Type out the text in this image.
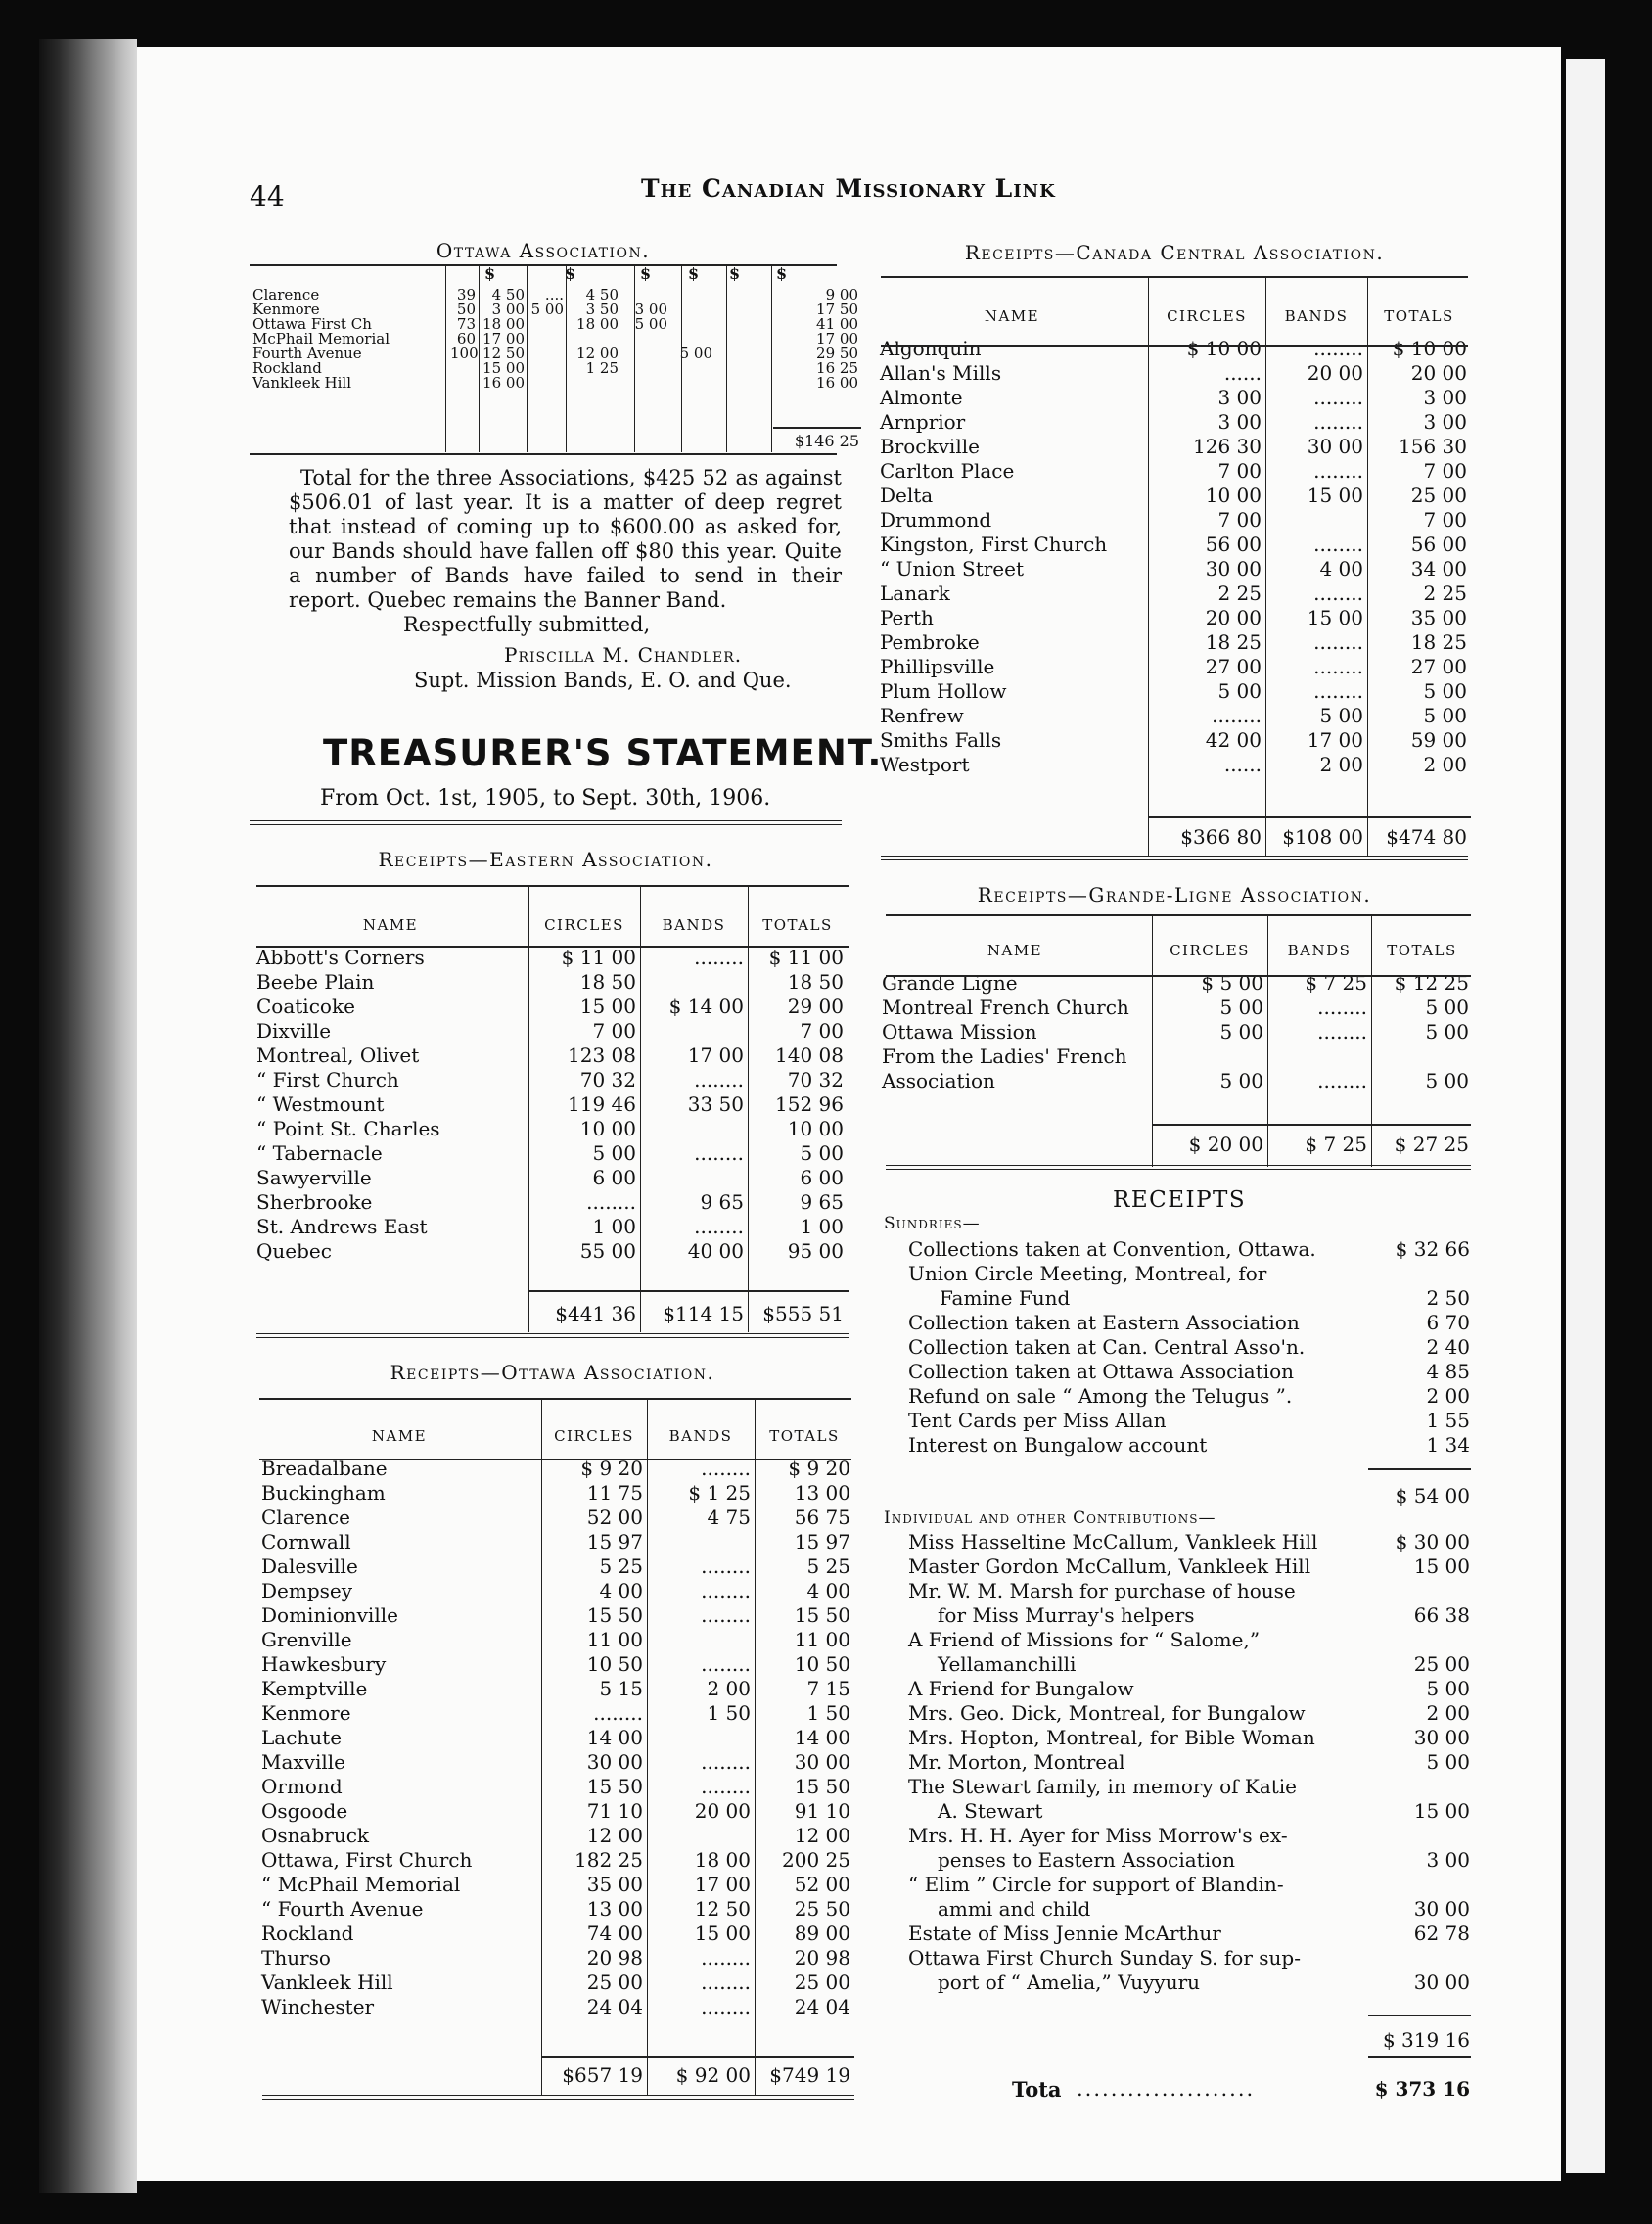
44	The Canadian Missionary Link
Ottawa Association.
$	$	$ $ $ $
Clarence	39	4 50	....	4 50				9 00
Kenmore	50	3 00	5 00	3 50	3 00			17 50
Ottawa First Ch	73	18 00		18 00	5 00			41 00
McPhail Memorial	60	17 00						17 00
Fourth Avenue	100	12 50		12 00		5 00		29 50
Rockland		15 00		1 25				16 25
Vankleek Hill		16 00						16 00
$146 25
Total for the three Associations, $425 52 as against $506.01 of last year. It is a matter of deep regret that instead of coming up to $600.00 as asked for, our Bands should have fallen off $80 this year. Quite a number of Bands have failed to send in their report. Quebec remains the Banner Band.
Respectfully submitted,
Priscilla M. Chandler.
Supt. Mission Bands, E. O. and Que.
TREASURER'S STATEMENT.
From Oct. 1st, 1905, to Sept. 30th, 1906.
Receipts—Eastern Association.
NAME	CIRCLES	BANDS	TOTALS
Abbott's Corners	$ 11 00	........	$ 11 00
Beebe Plain	18 50		18 50
Coaticoke	15 00	$ 14 00	29 00
Dixville	7 00		7 00
Montreal, Olivet	123 08	17 00	140 08
“ First Church	70 32	........	70 32
“ Westmount	119 46	33 50	152 96
“ Point St. Charles	10 00		10 00
“ Tabernacle	5 00	........	5 00
Sawyerville	6 00		6 00
Sherbrooke	........	9 65	9 65
St. Andrews East	1 00	........	1 00
Quebec	55 00	40 00	95 00
	$441 36	$114 15	$555 51
Receipts—Ottawa Association.
NAME	CIRCLES	BANDS	TOTALS
Breadalbane	$ 9 20	........	$ 9 20
Buckingham	11 75	$ 1 25	13 00
Clarence	52 00	4 75	56 75
Cornwall	15 97		15 97
Dalesville	5 25	........	5 25
Dempsey	4 00	........	4 00
Dominionville	15 50	........	15 50
Grenville	11 00		11 00
Hawkesbury	10 50	........	10 50
Kemptville	5 15	2 00	7 15
Kenmore	........	1 50	1 50
Lachute	14 00		14 00
Maxville	30 00	........	30 00
Ormond	15 50	........	15 50
Osgoode	71 10	20 00	91 10
Osnabruck	12 00		12 00
Ottawa, First Church	182 25	18 00	200 25
“ McPhail Memorial	35 00	17 00	52 00
“ Fourth Avenue	13 00	12 50	25 50
Rockland	74 00	15 00	89 00
Thurso	20 98	........	20 98
Vankleek Hill	25 00	........	25 00
Winchester	24 04	........	24 04
	$657 19	$ 92 00	$749 19
Receipts—Canada Central Association.
NAME	CIRCLES	BANDS	TOTALS
Algonquin	$ 10 00	........	$ 10 00
Allan's Mills	......	20 00	20 00
Almonte	3 00	........	3 00
Arnprior	3 00	........	3 00
Brockville	126 30	30 00	156 30
Carlton Place	7 00	........	7 00
Delta	10 00	15 00	25 00
Drummond	7 00		7 00
Kingston, First Church	56 00	........	56 00
“ Union Street	30 00	4 00	34 00
Lanark	2 25	........	2 25
Perth	20 00	15 00	35 00
Pembroke	18 25	........	18 25
Phillipsville	27 00	........	27 00
Plum Hollow	5 00	........	5 00
Renfrew	........	5 00	5 00
Smiths Falls	42 00	17 00	59 00
Westport	......	2 00	2 00
	$366 80	$108 00	$474 80
Receipts—Grande-Ligne Association.
NAME	CIRCLES	BANDS	TOTALS
Grande Ligne	$ 5 00	$ 7 25	$ 12 25
Montreal French Church	5 00	........	5 00
Ottawa Mission	5 00	........	5 00
From the Ladies' French			
Association	5 00	........	5 00
	$ 20 00	$ 7 25	$ 27 25
RECEIPTS
Sundries—
Collections taken at Convention, Ottawa.	$ 32 66
Union Circle Meeting, Montreal, for
Famine Fund	2 50
Collection taken at Eastern Association	6 70
Collection taken at Can. Central Asso'n.	2 40
Collection taken at Ottawa Association	4 85
Refund on sale “ Among the Telugus ”.	2 00
Tent Cards per Miss Allan	1 55
Interest on Bungalow account	1 34
$ 54 00
Individual and other Contributions—
Miss Hasseltine McCallum, Vankleek Hill	$ 30 00
Master Gordon McCallum, Vankleek Hill	15 00
Mr. W. M. Marsh for purchase of house
for Miss Murray's helpers	66 38
A Friend of Missions for “ Salome,”
Yellamanchilli	25 00
A Friend for Bungalow	5 00
Mrs. Geo. Dick, Montreal, for Bungalow	2 00
Mrs. Hopton, Montreal, for Bible Woman	30 00
Mr. Morton, Montreal	5 00
The Stewart family, in memory of Katie
A. Stewart	15 00
Mrs. H. H. Ayer for Miss Morrow's ex-
penses to Eastern Association	3 00
“ Elim ” Circle for support of Blandin-
ammi and child	30 00
Estate of Miss Jennie McArthur	62 78
Ottawa First Church Sunday S. for sup-
port of “ Amelia,” Vuyyuru	30 00
$ 319 16
Tota .....................	$ 373 16
